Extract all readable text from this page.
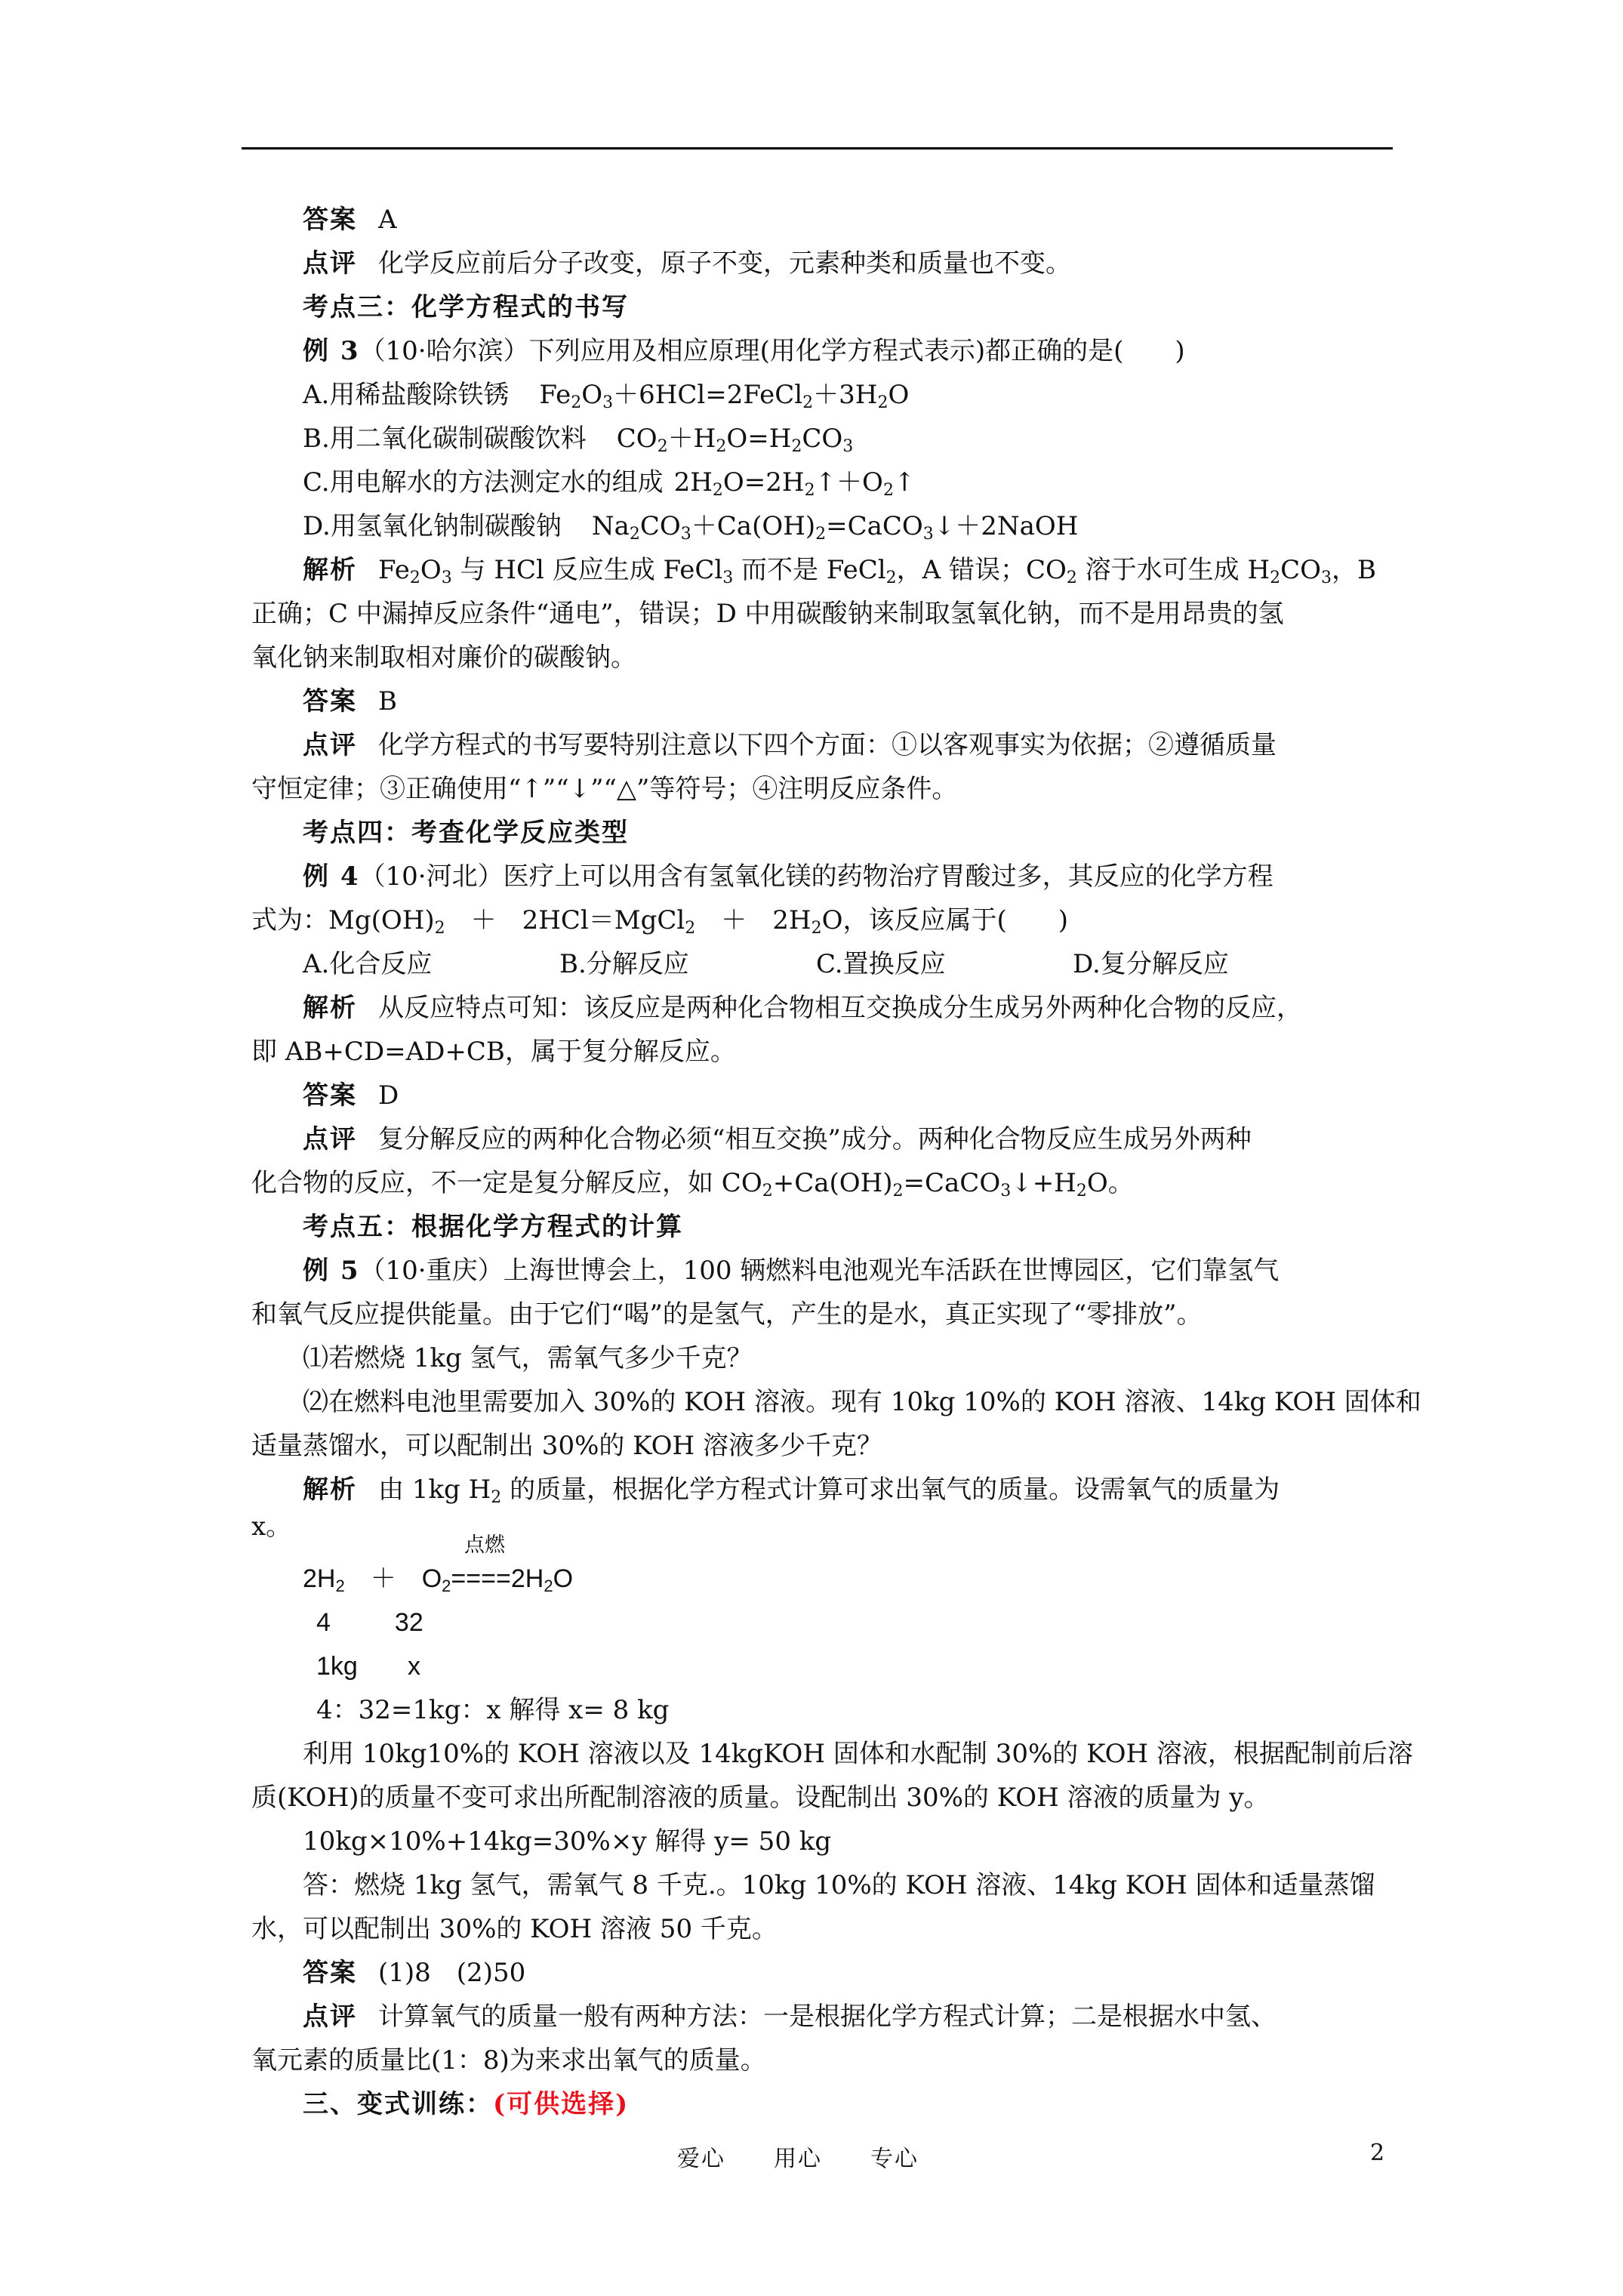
答案 A
点评 化学反应前后分子改变，原子不变，元素种类和质量也不变。
考点三：化学方程式的书写
例 3（10·哈尔滨）下列应用及相应原理(用化学方程式表示)都正确的是(　　)
A.用稀盐酸除铁锈 $Fe_2O_3+6HCl=2FeCl_2+3H_2O$
B.用二氧化碳制碳酸饮料 $CO_2+H_2O=H_2CO_3$
C.用电解水的方法测定水的组成 $2H_2O=2H_2↑+O_2↑$
D.用氢氧化钠制碳酸钠 $Na_2CO_3+Ca(OH)_2=CaCO_3↓+2NaOH$
解析 $Fe_2O_3$ 与 HCl 反应生成 FeCl$_3$ 而不是 FeCl$_2$，A 错误；$CO_2$ 溶于水可生成 $H_2CO_3$，B
正确；C 中漏掉反应条件“通电”，错误；D 中用碳酸钠来制取氢氧化钠，而不是用昂贵的氢
氧化钠来制取相对廉价的碳酸钠。
答案 B
点评 化学方程式的书写要特别注意以下四个方面：①以客观事实为依据；②遵循质量
守恒定律；③正确使用“↑”“↓”“△”等符号；④注明反应条件。
考点四：考查化学反应类型
例 4（10·河北）医疗上可以用含有氢氧化镁的药物治疗胃酸过多，其反应的化学方程
式为：$Mg(OH)_2$　＋　2HCl＝MgCl$_2$　＋　$2H_2O$，该反应属于(　　)
A.化合反应	B.分解反应	C.置换反应	D.复分解反应
解析 从反应特点可知：该反应是两种化合物相互交换成分生成另外两种化合物的反应，
即 AB+CD=AD+CB，属于复分解反应。
答案 D
点评 复分解反应的两种化合物必须“相互交换”成分。两种化合物反应生成另外两种
化合物的反应，不一定是复分解反应，如 $CO_2+Ca(OH)_2=CaCO_3↓+H_2O$。
考点五：根据化学方程式的计算
例 5（10·重庆）上海世博会上，100 辆燃料电池观光车活跃在世博园区，它们靠氢气
和氧气反应提供能量。由于它们“喝”的是氢气，产生的是水，真正实现了“零排放”。
⑴若燃烧 1kg 氢气，需氧气多少千克？
⑵在燃料电池里需要加入 30%的 KOH 溶液。现有 10kg 10%的 KOH 溶液、14kg KOH 固体和
适量蒸馏水，可以配制出 30%的 KOH 溶液多少千克？
解析 由 1kg $H_2$ 的质量，根据化学方程式计算可求出氧气的质量。设需氧气的质量为
x。
点燃
$2H_2$　＋　$O_2====2H_2O$
4         32
1kg       x
4：32=1kg：x 解得 x= 8 kg
利用 10kg10%的 KOH 溶液以及 14kgKOH 固体和水配制 30%的 KOH 溶液，根据配制前后溶
质(KOH)的质量不变可求出所配制溶液的质量。设配制出 30%的 KOH 溶液的质量为 y。
10kg×10%+14kg=30%×y 解得 y= 50 kg
答：燃烧 1kg 氢气，需氧气 8 千克.。10kg 10%的 KOH 溶液、14kg KOH 固体和适量蒸馏
水，可以配制出 30%的 KOH 溶液 50 千克。
答案 (1)8　(2)50
点评 计算氧气的质量一般有两种方法：一是根据化学方程式计算；二是根据水中氢、
氧元素的质量比(1：8)为来求出氧气的质量。
三、变式训练：(可供选择)
爱心　　用心　　专心	2
